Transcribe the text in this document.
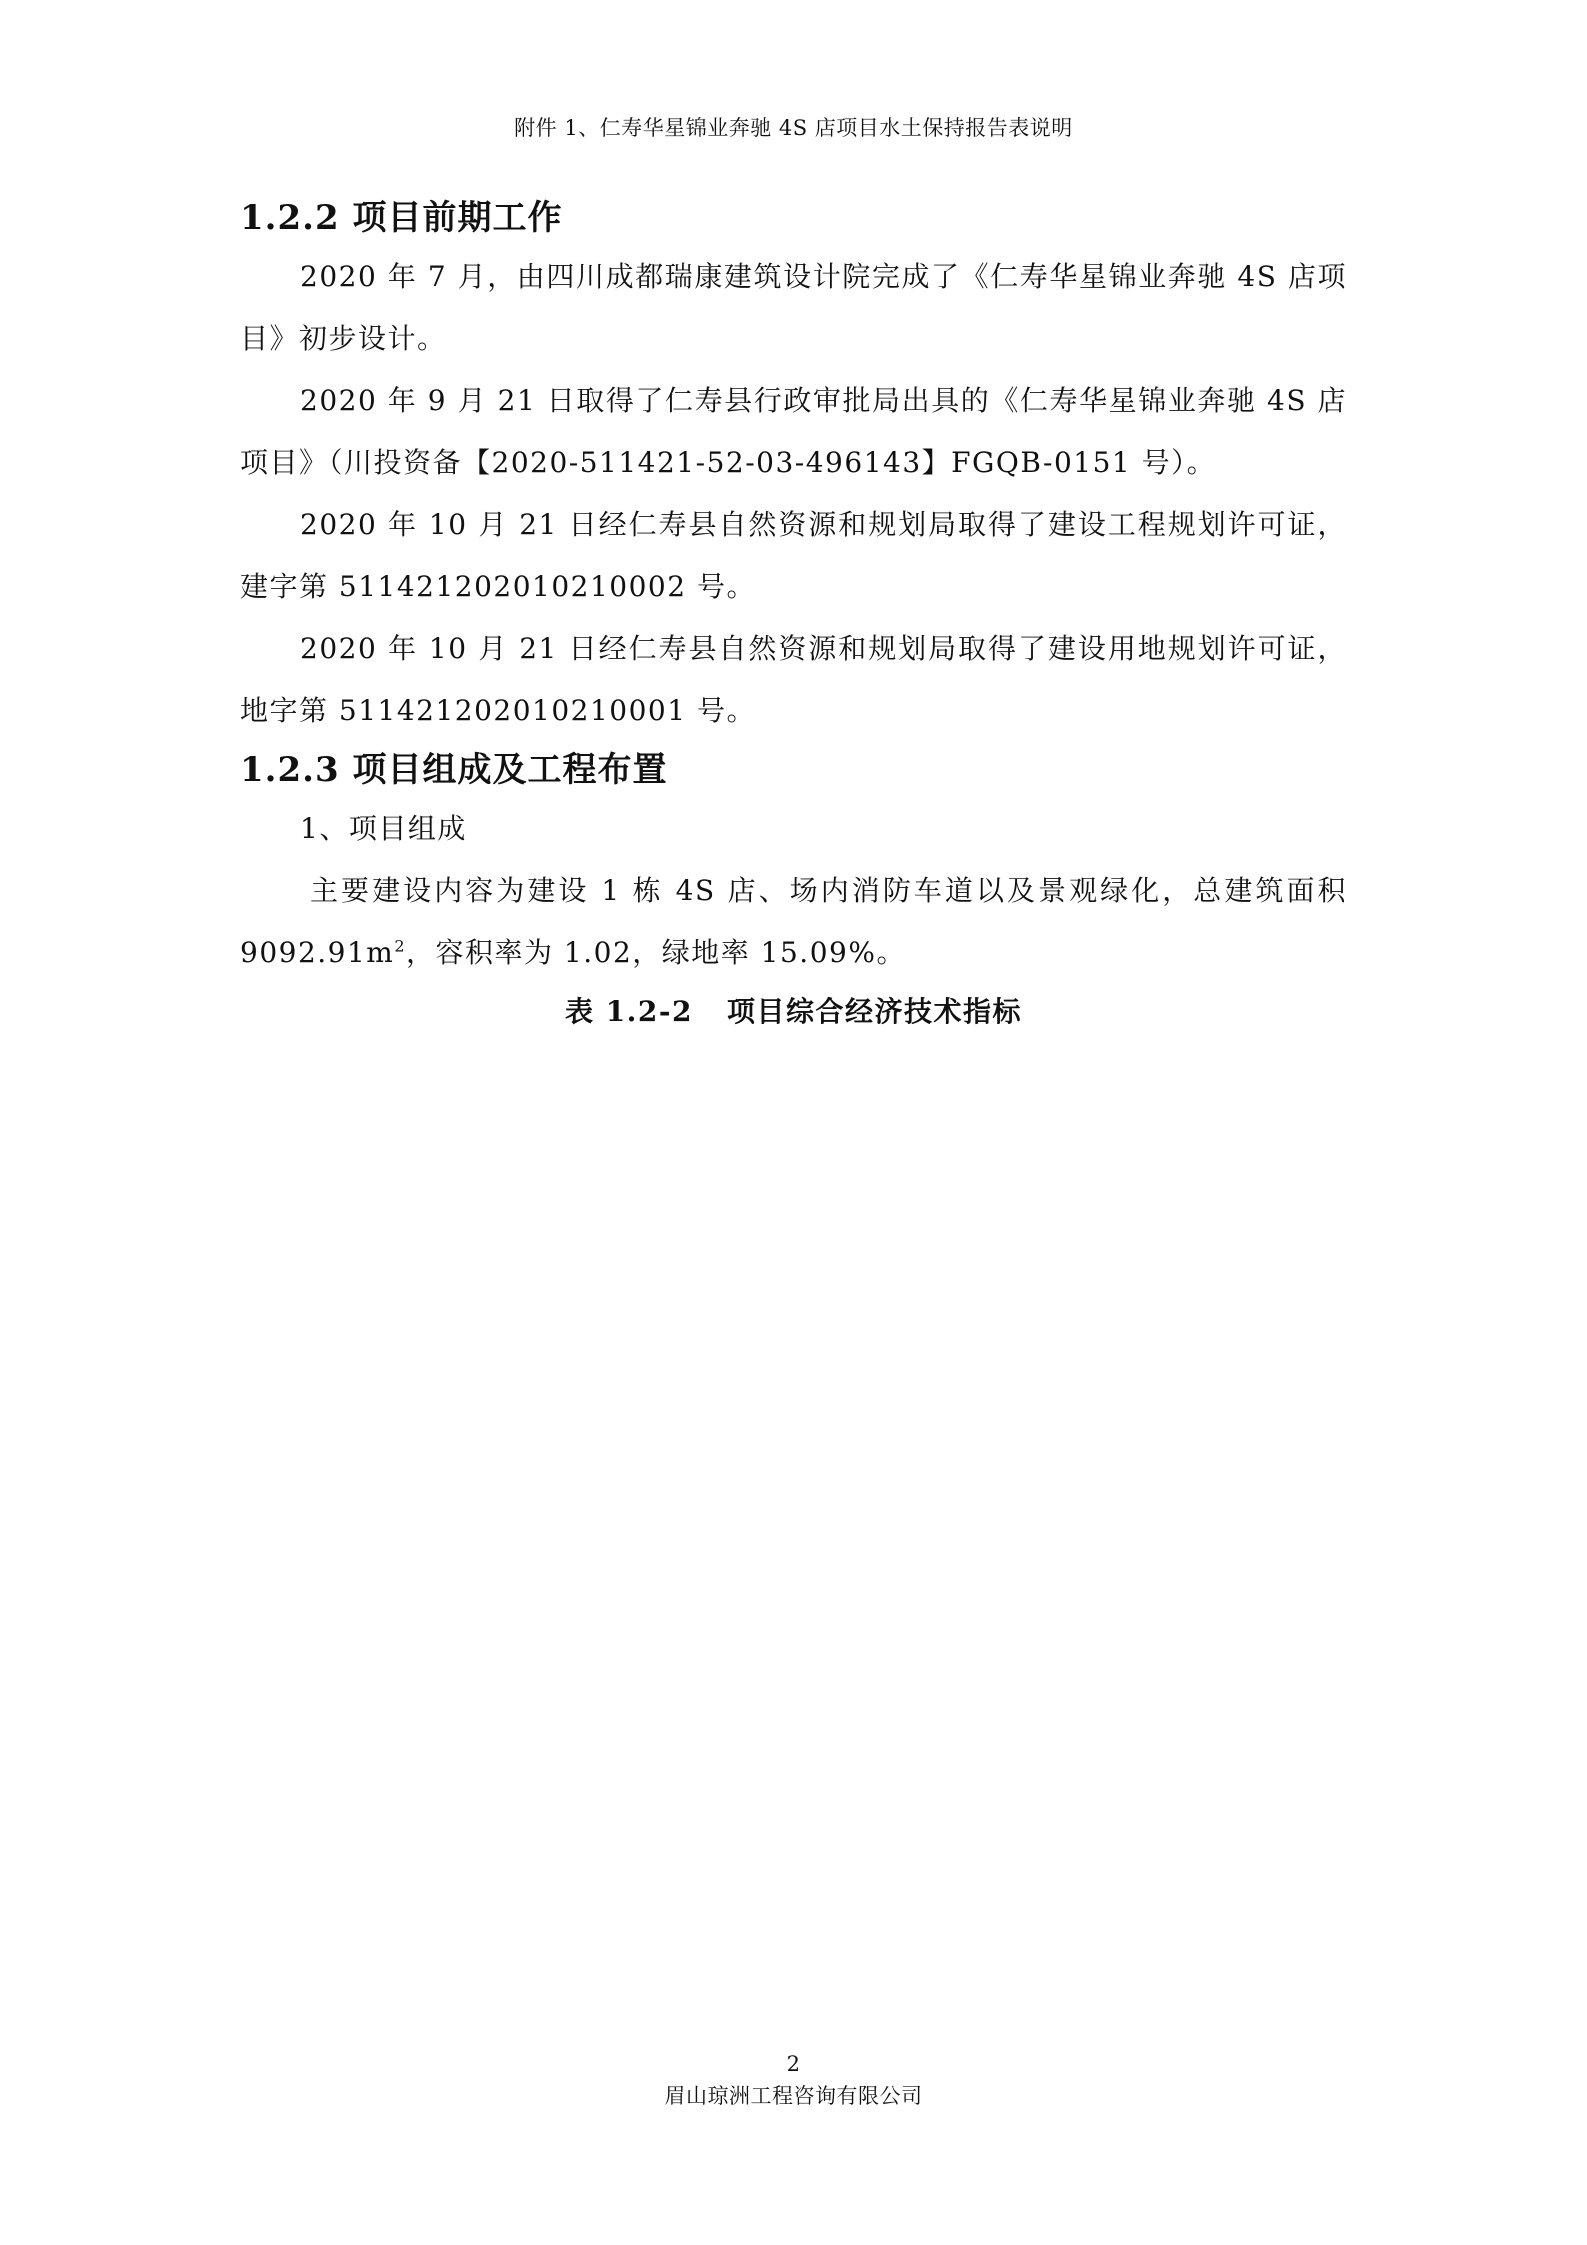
附件 1、仁寿华星锦业奔驰 4S 店项目水土保持报告表说明
1.2.2 项目前期工作

2020 年 7 月，由四川成都瑞康建筑设计院完成了《仁寿华星锦业奔驰 4S 店项目》初步设计。

2020 年 9 月 21 日取得了仁寿县行政审批局出具的《仁寿华星锦业奔驰 4S 店项目》（川投资备【2020-511421-52-03-496143】FGQB-0151 号）。

2020 年 10 月 21 日经仁寿县自然资源和规划局取得了建设工程规划许可证，建字第 511421202010210002 号。

2020 年 10 月 21 日经仁寿县自然资源和规划局取得了建设用地规划许可证，地字第 511421202010210001 号。

1.2.3 项目组成及工程布置

1、项目组成

主要建设内容为建设 1 栋 4S 店、场内消防车道以及景观绿化，总建筑面积 $9092.91m^2$，容积率为 1.02，绿地率 15.09%。

表 1.2-2 项目综合经济技术指标
2
眉山琼洲工程咨询有限公司
